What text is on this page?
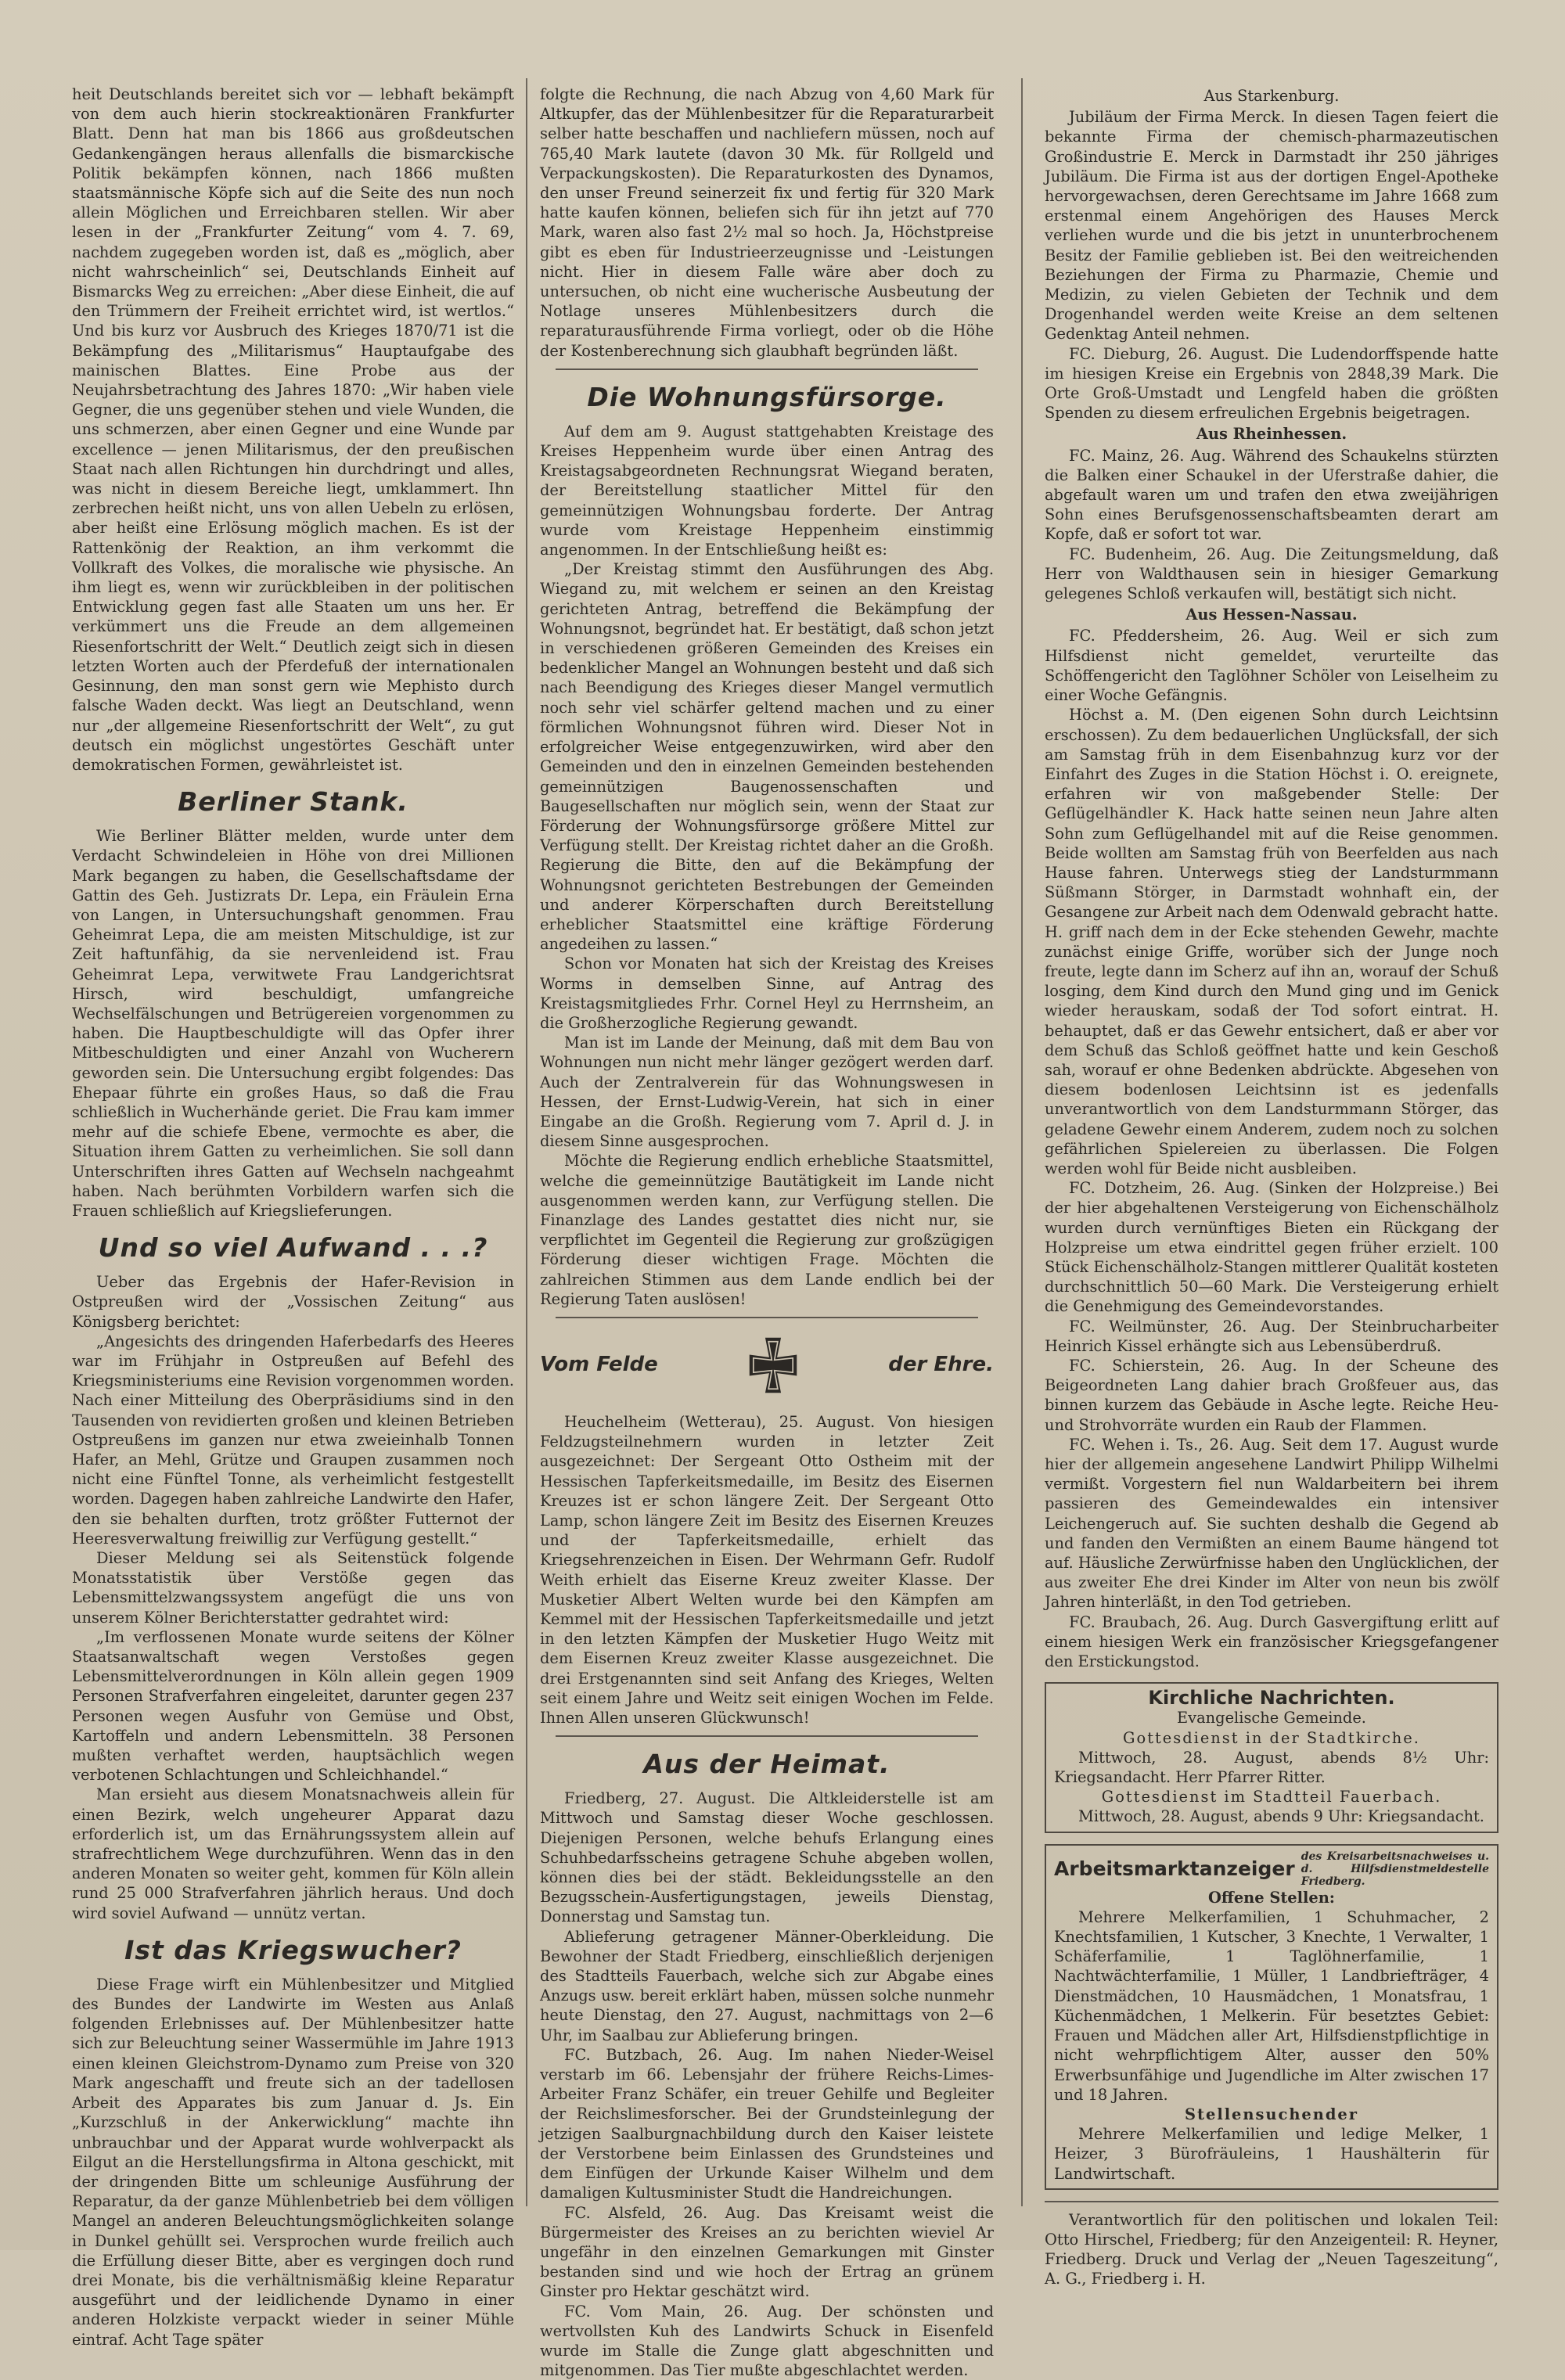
heit Deutschlands bereitet sich vor — lebhaft bekämpft von dem auch hierin stockreaktionären Frankfurter Blatt. Denn hat man bis 1866 aus großdeutschen Gedankengängen heraus allenfalls die bismarckische Politik bekämpfen können, nach 1866 mußten staatsmännische Köpfe sich auf die Seite des nun noch allein Möglichen und Erreichbaren stellen. Wir aber lesen in der „Frankfurter Zeitung“ vom 4. 7. 69, nachdem zugegeben worden ist, daß es „möglich, aber nicht wahrscheinlich“ sei, Deutschlands Einheit auf Bismarcks Weg zu erreichen: „Aber diese Einheit, die auf den Trümmern der Freiheit errichtet wird, ist wertlos.“ Und bis kurz vor Ausbruch des Krieges 1870/71 ist die Bekämpfung des „Militarismus“ Hauptaufgabe des mainischen Blattes. Eine Probe aus der Neujahrsbetrachtung des Jahres 1870: „Wir haben viele Gegner, die uns gegenüber stehen und viele Wunden, die uns schmerzen, aber einen Gegner und eine Wunde par excellence — jenen Militarismus, der den preußischen Staat nach allen Richtungen hin durchdringt und alles, was nicht in diesem Bereiche liegt, umklammert. Ihn zerbrechen heißt nicht, uns von allen Uebeln zu erlösen, aber heißt eine Erlösung möglich machen. Es ist der Rattenkönig der Reaktion, an ihm verkommt die Vollkraft des Volkes, die moralische wie physische. An ihm liegt es, wenn wir zurückbleiben in der politischen Entwicklung gegen fast alle Staaten um uns her. Er verkümmert uns die Freude an dem allgemeinen Riesenfortschritt der Welt.“ Deutlich zeigt sich in diesen letzten Worten auch der Pferdefuß der internationalen Gesinnung, den man sonst gern wie Mephisto durch falsche Waden deckt. Was liegt an Deutschland, wenn nur „der allgemeine Riesenfortschritt der Welt“, zu gut deutsch ein möglichst ungestörtes Geschäft unter demokratischen Formen, gewährleistet ist.

Berliner Stank.

Wie Berliner Blätter melden, wurde unter dem Verdacht Schwindeleien in Höhe von drei Millionen Mark begangen zu haben, die Gesellschaftsdame der Gattin des Geh. Justizrats Dr. Lepa, ein Fräulein Erna von Langen, in Untersuchungshaft genommen. Frau Geheimrat Lepa, die am meisten Mitschuldige, ist zur Zeit haftunfähig, da sie nervenleidend ist. Frau Geheimrat Lepa, verwitwete Frau Landgerichtsrat Hirsch, wird beschuldigt, umfangreiche Wechselfälschungen und Betrügereien vorgenommen zu haben. Die Hauptbeschuldigte will das Opfer ihrer Mitbeschuldigten und einer Anzahl von Wucherern geworden sein. Die Untersuchung ergibt folgendes: Das Ehepaar führte ein großes Haus, so daß die Frau schließlich in Wucherhände geriet. Die Frau kam immer mehr auf die schiefe Ebene, vermochte es aber, die Situation ihrem Gatten zu verheimlichen. Sie soll dann Unterschriften ihres Gatten auf Wechseln nachgeahmt haben. Nach berühmten Vorbildern warfen sich die Frauen schließlich auf Kriegslieferungen.

Und so viel Aufwand . . .?

Ueber das Ergebnis der Hafer-Revision in Ostpreußen wird der „Vossischen Zeitung“ aus Königsberg berichtet:

„Angesichts des dringenden Haferbedarfs des Heeres war im Frühjahr in Ostpreußen auf Befehl des Kriegsministeriums eine Revision vorgenommen worden. Nach einer Mitteilung des Oberpräsidiums sind in den Tausenden von revidierten großen und kleinen Betrieben Ostpreußens im ganzen nur etwa zweieinhalb Tonnen Hafer, an Mehl, Grütze und Graupen zusammen noch nicht eine Fünftel Tonne, als verheimlicht festgestellt worden. Dagegen haben zahlreiche Landwirte den Hafer, den sie behalten durften, trotz größter Futternot der Heeresverwaltung freiwillig zur Verfügung gestellt.“

Dieser Meldung sei als Seitenstück folgende Monatsstatistik über Verstöße gegen das Lebensmittelzwangssystem angefügt die uns von unserem Kölner Berichterstatter gedrahtet wird:

„Im verflossenen Monate wurde seitens der Kölner Staatsanwaltschaft wegen Verstoßes gegen Lebensmittelverordnungen in Köln allein gegen 1909 Personen Strafverfahren eingeleitet, darunter gegen 237 Personen wegen Ausfuhr von Gemüse und Obst, Kartoffeln und andern Lebensmitteln. 38 Personen mußten verhaftet werden, hauptsächlich wegen verbotenen Schlachtungen und Schleichhandel.“

Man ersieht aus diesem Monatsnachweis allein für einen Bezirk, welch ungeheurer Apparat dazu erforderlich ist, um das Ernährungssystem allein auf strafrechtlichem Wege durchzuführen. Wenn das in den anderen Monaten so weiter geht, kommen für Köln allein rund 25 000 Strafverfahren jährlich heraus. Und doch wird soviel Aufwand — unnütz vertan.

Ist das Kriegswucher?

Diese Frage wirft ein Mühlenbesitzer und Mitglied des Bundes der Landwirte im Westen aus Anlaß folgenden Erlebnisses auf. Der Mühlenbesitzer hatte sich zur Beleuchtung seiner Wassermühle im Jahre 1913 einen kleinen Gleichstrom-Dynamo zum Preise von 320 Mark angeschafft und freute sich an der tadellosen Arbeit des Apparates bis zum Januar d. Js. Ein „Kurzschluß in der Ankerwicklung“ machte ihn unbrauchbar und der Apparat wurde wohlverpackt als Eilgut an die Herstellungsfirma in Altona geschickt, mit der dringenden Bitte um schleunige Ausführung der Reparatur, da der ganze Mühlenbetrieb bei dem völligen Mangel an anderen Beleuchtungsmöglichkeiten solange in Dunkel gehüllt sei. Versprochen wurde freilich auch die Erfüllung dieser Bitte, aber es vergingen doch rund drei Monate, bis die verhältnismäßig kleine Reparatur ausgeführt und der leidlichende Dynamo in einer anderen Holzkiste verpackt wieder in seiner Mühle eintraf. Acht Tage später

folgte die Rechnung, die nach Abzug von 4,60 Mark für Altkupfer, das der Mühlenbesitzer für die Reparaturarbeit selber hatte beschaffen und nachliefern müssen, noch auf 765,40 Mark lautete (davon 30 Mk. für Rollgeld und Verpackungskosten). Die Reparaturkosten des Dynamos, den unser Freund seinerzeit fix und fertig für 320 Mark hatte kaufen können, beliefen sich für ihn jetzt auf 770 Mark, waren also fast 2½ mal so hoch. Ja, Höchstpreise gibt es eben für Industrieerzeugnisse und -Leistungen nicht. Hier in diesem Falle wäre aber doch zu untersuchen, ob nicht eine wucherische Ausbeutung der Notlage unseres Mühlenbesitzers durch die reparaturausführende Firma vorliegt, oder ob die Höhe der Kostenberechnung sich glaubhaft begründen läßt.

Die Wohnungsfürsorge.

Auf dem am 9. August stattgehabten Kreistage des Kreises Heppenheim wurde über einen Antrag des Kreistagsabgeordneten Rechnungsrat Wiegand beraten, der Bereitstellung staatlicher Mittel für den gemeinnützigen Wohnungsbau forderte. Der Antrag wurde vom Kreistage Heppenheim einstimmig angenommen. In der Entschließung heißt es:

„Der Kreistag stimmt den Ausführungen des Abg. Wiegand zu, mit welchem er seinen an den Kreistag gerichteten Antrag, betreffend die Bekämpfung der Wohnungsnot, begründet hat. Er bestätigt, daß schon jetzt in verschiedenen größeren Gemeinden des Kreises ein bedenklicher Mangel an Wohnungen besteht und daß sich nach Beendigung des Krieges dieser Mangel vermutlich noch sehr viel schärfer geltend machen und zu einer förmlichen Wohnungsnot führen wird. Dieser Not in erfolgreicher Weise entgegenzuwirken, wird aber den Gemeinden und den in einzelnen Gemeinden bestehenden gemeinnützigen Baugenossenschaften und Baugesellschaften nur möglich sein, wenn der Staat zur Förderung der Wohnungsfürsorge größere Mittel zur Verfügung stellt. Der Kreistag richtet daher an die Großh. Regierung die Bitte, den auf die Bekämpfung der Wohnungsnot gerichteten Bestrebungen der Gemeinden und anderer Körperschaften durch Bereitstellung erheblicher Staatsmittel eine kräftige Förderung angedeihen zu lassen.“

Schon vor Monaten hat sich der Kreistag des Kreises Worms in demselben Sinne, auf Antrag des Kreistagsmitgliedes Frhr. Cornel Heyl zu Herrnsheim, an die Großherzogliche Regierung gewandt.

Man ist im Lande der Meinung, daß mit dem Bau von Wohnungen nun nicht mehr länger gezögert werden darf. Auch der Zentralverein für das Wohnungswesen in Hessen, der Ernst-Ludwig-Verein, hat sich in einer Eingabe an die Großh. Regierung vom 7. April d. J. in diesem Sinne ausgesprochen.

Möchte die Regierung endlich erhebliche Staatsmittel, welche die gemeinnützige Bautätigkeit im Lande nicht ausgenommen werden kann, zur Verfügung stellen. Die Finanzlage des Landes gestattet dies nicht nur, sie verpflichtet im Gegenteil die Regierung zur großzügigen Förderung dieser wichtigen Frage. Möchten die zahlreichen Stimmen aus dem Lande endlich bei der Regierung Taten auslösen!

Vom Felde	der Ehre.

Heuchelheim (Wetterau), 25. August. Von hiesigen Feldzugsteilnehmern wurden in letzter Zeit ausgezeichnet: Der Sergeant Otto Ostheim mit der Hessischen Tapferkeitsmedaille, im Besitz des Eisernen Kreuzes ist er schon längere Zeit. Der Sergeant Otto Lamp, schon längere Zeit im Besitz des Eisernen Kreuzes und der Tapferkeitsmedaille, erhielt das Kriegsehrenzeichen in Eisen. Der Wehrmann Gefr. Rudolf Weith erhielt das Eiserne Kreuz zweiter Klasse. Der Musketier Albert Welten wurde bei den Kämpfen am Kemmel mit der Hessischen Tapferkeitsmedaille und jetzt in den letzten Kämpfen der Musketier Hugo Weitz mit dem Eisernen Kreuz zweiter Klasse ausgezeichnet. Die drei Erstgenannten sind seit Anfang des Krieges, Welten seit einem Jahre und Weitz seit einigen Wochen im Felde. Ihnen Allen unseren Glückwunsch!

Aus der Heimat.

Friedberg, 27. August. Die Altkleiderstelle ist am Mittwoch und Samstag dieser Woche geschlossen. Diejenigen Personen, welche behufs Erlangung eines Schuhbedarfsscheins getragene Schuhe abgeben wollen, können dies bei der städt. Bekleidungsstelle an den Bezugsschein-Ausfertigungstagen, jeweils Dienstag, Donnerstag und Samstag tun.

Ablieferung getragener Männer-Oberkleidung. Die Bewohner der Stadt Friedberg, einschließlich derjenigen des Stadtteils Fauerbach, welche sich zur Abgabe eines Anzugs usw. bereit erklärt haben, müssen solche nunmehr heute Dienstag, den 27. August, nachmittags von 2—6 Uhr, im Saalbau zur Ablieferung bringen.

FC. Butzbach, 26. Aug. Im nahen Nieder-Weisel verstarb im 66. Lebensjahr der frühere Reichs-Limes-Arbeiter Franz Schäfer, ein treuer Gehilfe und Begleiter der Reichslimesforscher. Bei der Grundsteinlegung der jetzigen Saalburgnachbildung durch den Kaiser leistete der Verstorbene beim Einlassen des Grundsteines und dem Einfügen der Urkunde Kaiser Wilhelm und dem damaligen Kultusminister Studt die Handreichungen.

FC. Alsfeld, 26. Aug. Das Kreisamt weist die Bürgermeister des Kreises an zu berichten wieviel Ar ungefähr in den einzelnen Gemarkungen mit Ginster bestanden sind und wie hoch der Ertrag an grünem Ginster pro Hektar geschätzt wird.

FC. Vom Main, 26. Aug. Der schönsten und wertvollsten Kuh des Landwirts Schuck in Eisenfeld wurde im Stalle die Zunge glatt abgeschnitten und mitgenommen. Das Tier mußte abgeschlachtet werden.

Aus Starkenburg.

Jubiläum der Firma Merck. In diesen Tagen feiert die bekannte Firma der chemisch-pharmazeutischen Großindustrie E. Merck in Darmstadt ihr 250 jähriges Jubiläum. Die Firma ist aus der dortigen Engel-Apotheke hervorgewachsen, deren Gerechtsame im Jahre 1668 zum erstenmal einem Angehörigen des Hauses Merck verliehen wurde und die bis jetzt in ununterbrochenem Besitz der Familie geblieben ist. Bei den weitreichenden Beziehungen der Firma zu Pharmazie, Chemie und Medizin, zu vielen Gebieten der Technik und dem Drogenhandel werden weite Kreise an dem seltenen Gedenktag Anteil nehmen.

FC. Dieburg, 26. August. Die Ludendorffspende hatte im hiesigen Kreise ein Ergebnis von 2848,39 Mark. Die Orte Groß-Umstadt und Lengfeld haben die größten Spenden zu diesem erfreulichen Ergebnis beigetragen.

Aus Rheinhessen.

FC. Mainz, 26. Aug. Während des Schaukelns stürzten die Balken einer Schaukel in der Uferstraße dahier, die abgefault waren um und trafen den etwa zweijährigen Sohn eines Berufsgenossenschaftsbeamten derart am Kopfe, daß er sofort tot war.

FC. Budenheim, 26. Aug. Die Zeitungsmeldung, daß Herr von Waldthausen sein in hiesiger Gemarkung gelegenes Schloß verkaufen will, bestätigt sich nicht.

Aus Hessen-Nassau.

FC. Pfeddersheim, 26. Aug. Weil er sich zum Hilfsdienst nicht gemeldet, verurteilte das Schöffengericht den Taglöhner Schöler von Leiselheim zu einer Woche Gefängnis.

Höchst a. M. (Den eigenen Sohn durch Leichtsinn erschossen). Zu dem bedauerlichen Unglücksfall, der sich am Samstag früh in dem Eisenbahnzug kurz vor der Einfahrt des Zuges in die Station Höchst i. O. ereignete, erfahren wir von maßgebender Stelle: Der Geflügelhändler K. Hack hatte seinen neun Jahre alten Sohn zum Geflügelhandel mit auf die Reise genommen. Beide wollten am Samstag früh von Beerfelden aus nach Hause fahren. Unterwegs stieg der Landsturmmann Süßmann Störger, in Darmstadt wohnhaft ein, der Gesangene zur Arbeit nach dem Odenwald gebracht hatte. H. griff nach dem in der Ecke stehenden Gewehr, machte zunächst einige Griffe, worüber sich der Junge noch freute, legte dann im Scherz auf ihn an, worauf der Schuß losging, dem Kind durch den Mund ging und im Genick wieder herauskam, sodaß der Tod sofort eintrat. H. behauptet, daß er das Gewehr entsichert, daß er aber vor dem Schuß das Schloß geöffnet hatte und kein Geschoß sah, worauf er ohne Bedenken abdrückte. Abgesehen von diesem bodenlosen Leichtsinn ist es jedenfalls unverantwortlich von dem Landsturmmann Störger, das geladene Gewehr einem Anderem, zudem noch zu solchen gefährlichen Spielereien zu überlassen. Die Folgen werden wohl für Beide nicht ausbleiben.

FC. Dotzheim, 26. Aug. (Sinken der Holzpreise.) Bei der hier abgehaltenen Versteigerung von Eichenschälholz wurden durch vernünftiges Bieten ein Rückgang der Holzpreise um etwa eindrittel gegen früher erzielt. 100 Stück Eichenschälholz-Stangen mittlerer Qualität kosteten durchschnittlich 50—60 Mark. Die Versteigerung erhielt die Genehmigung des Gemeindevorstandes.

FC. Weilmünster, 26. Aug. Der Steinbrucharbeiter Heinrich Kissel erhängte sich aus Lebensüberdruß.

FC. Schierstein, 26. Aug. In der Scheune des Beigeordneten Lang dahier brach Großfeuer aus, das binnen kurzem das Gebäude in Asche legte. Reiche Heu- und Strohvorräte wurden ein Raub der Flammen.

FC. Wehen i. Ts., 26. Aug. Seit dem 17. August wurde hier der allgemein angesehene Landwirt Philipp Wilhelmi vermißt. Vorgestern fiel nun Waldarbeitern bei ihrem passieren des Gemeindewaldes ein intensiver Leichengeruch auf. Sie suchten deshalb die Gegend ab und fanden den Vermißten an einem Baume hängend tot auf. Häusliche Zerwürfnisse haben den Unglücklichen, der aus zweiter Ehe drei Kinder im Alter von neun bis zwölf Jahren hinterläßt, in den Tod getrieben.

FC. Braubach, 26. Aug. Durch Gasvergiftung erlitt auf einem hiesigen Werk ein französischer Kriegsgefangener den Erstickungstod.

Kirchliche Nachrichten.
Evangelische Gemeinde.
Gottesdienst in der Stadtkirche.

Mittwoch, 28. August, abends 8½ Uhr: Kriegsandacht. Herr Pfarrer Ritter.

Gottesdienst im Stadtteil Fauerbach.

Mittwoch, 28. August, abends 9 Uhr: Kriegsandacht.

Arbeitsmarktanzeiger
des Kreisarbeitsnachweises u. d. Hilfsdienstmeldestelle Friedberg.
Offene Stellen:

Mehrere Melkerfamilien, 1 Schuhmacher, 2 Knechtsfamilien, 1 Kutscher, 3 Knechte, 1 Verwalter, 1 Schäferfamilie, 1 Taglöhnerfamilie, 1 Nachtwächterfamilie, 1 Müller, 1 Landbriefträger, 4 Dienstmädchen, 10 Hausmädchen, 1 Monatsfrau, 1 Küchenmädchen, 1 Melkerin. Für besetztes Gebiet: Frauen und Mädchen aller Art, Hilfsdienstpflichtige in nicht wehrpflichtigem Alter, ausser den 50% Erwerbsunfähige und Jugendliche im Alter zwischen 17 und 18 Jahren.

Stellensuchender

Mehrere Melkerfamilien und ledige Melker, 1 Heizer, 3 Bürofräuleins, 1 Haushälterin für Landwirtschaft.

Verantwortlich für den politischen und lokalen Teil: Otto Hirschel, Friedberg; für den Anzeigenteil: R. Heyner, Friedberg. Druck und Verlag der „Neuen Tageszeitung“, A. G., Friedberg i. H.
